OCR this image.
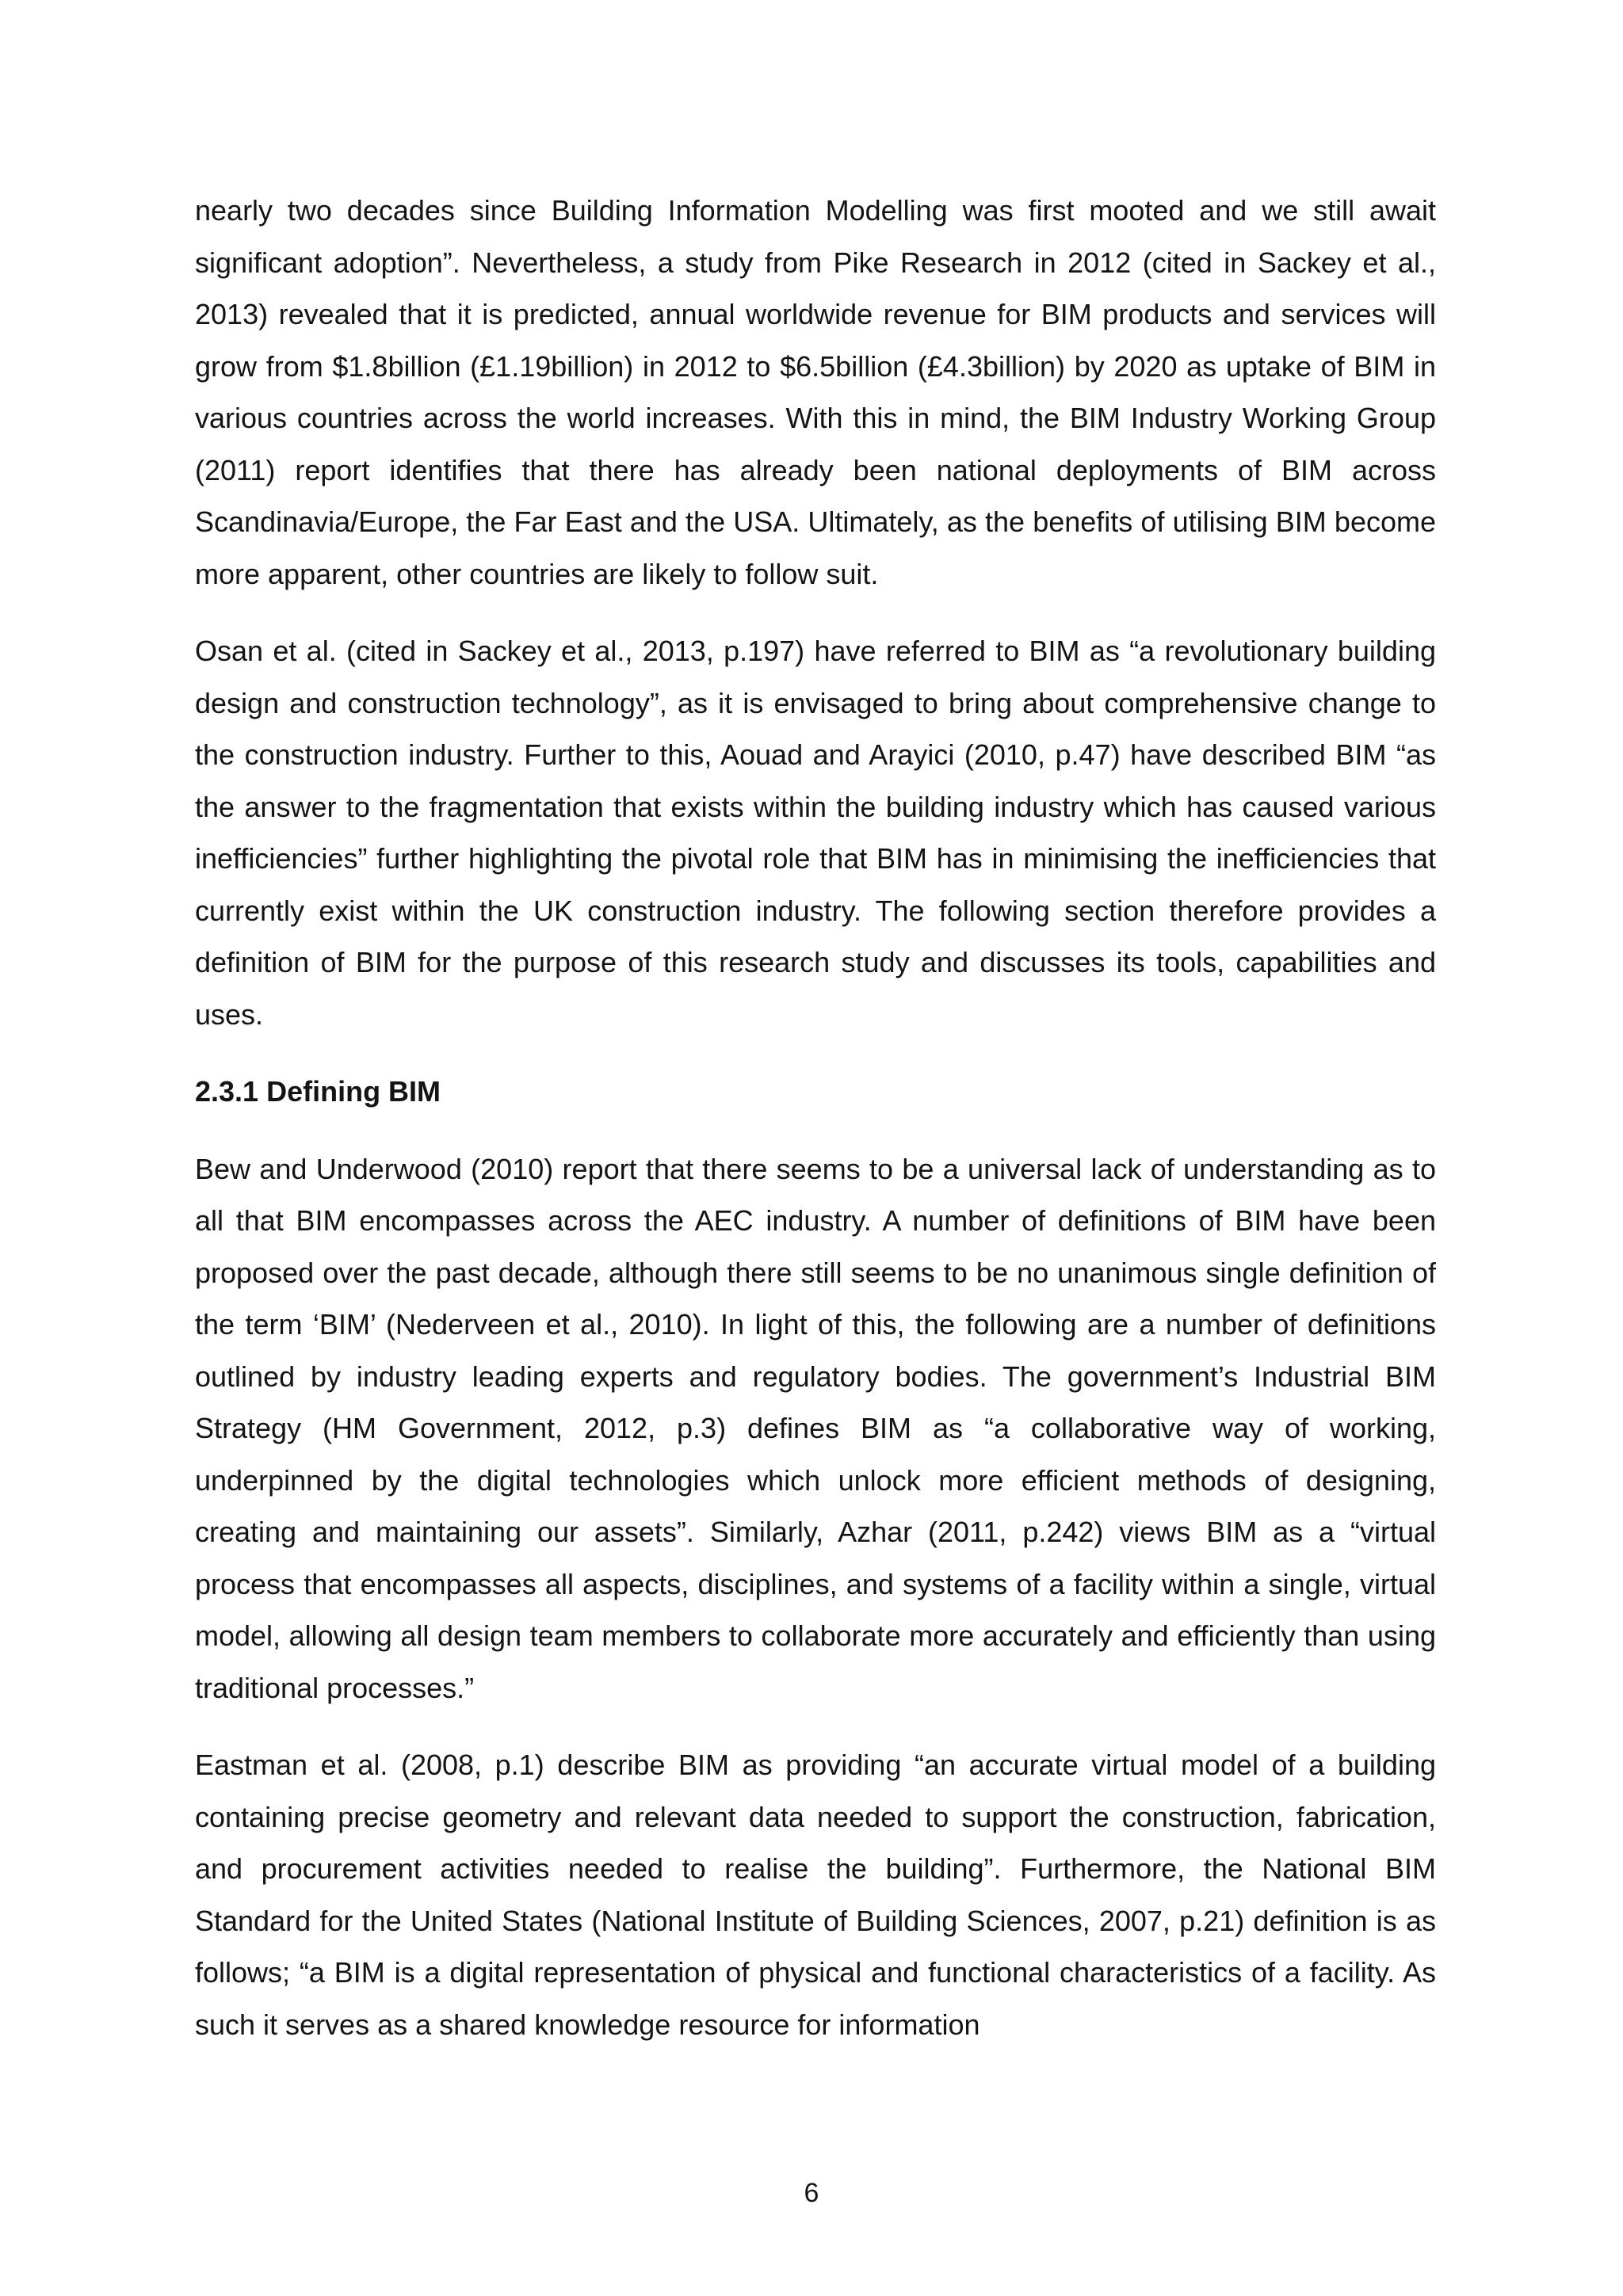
nearly two decades since Building Information Modelling was first mooted and we still await significant adoption”. Nevertheless, a study from Pike Research in 2012 (cited in Sackey et al., 2013) revealed that it is predicted, annual worldwide revenue for BIM products and services will grow from $1.8billion (£1.19billion) in 2012 to $6.5billion (£4.3billion) by 2020 as uptake of BIM in various countries across the world increases. With this in mind, the BIM Industry Working Group (2011) report identifies that there has already been national deployments of BIM across Scandinavia/Europe, the Far East and the USA. Ultimately, as the benefits of utilising BIM become more apparent, other countries are likely to follow suit.

Osan et al. (cited in Sackey et al., 2013, p.197) have referred to BIM as “a revolutionary building design and construction technology”, as it is envisaged to bring about comprehensive change to the construction industry. Further to this, Aouad and Arayici (2010, p.47) have described BIM “as the answer to the fragmentation that exists within the building industry which has caused various inefficiencies” further highlighting the pivotal role that BIM has in minimising the inefficiencies that currently exist within the UK construction industry. The following section therefore provides a definition of BIM for the purpose of this research study and discusses its tools, capabilities and uses.

2.3.1 Defining BIM

Bew and Underwood (2010) report that there seems to be a universal lack of understanding as to all that BIM encompasses across the AEC industry. A number of definitions of BIM have been proposed over the past decade, although there still seems to be no unanimous single definition of the term ‘BIM’ (Nederveen et al., 2010). In light of this, the following are a number of definitions outlined by industry leading experts and regulatory bodies. The government’s Industrial BIM Strategy (HM Government, 2012, p.3) defines BIM as “a collaborative way of working, underpinned by the digital technologies which unlock more efficient methods of designing, creating and maintaining our assets”. Similarly, Azhar (2011, p.242) views BIM as a “virtual process that encompasses all aspects, disciplines, and systems of a facility within a single, virtual model, allowing all design team members to collaborate more accurately and efficiently than using traditional processes.”

Eastman et al. (2008, p.1) describe BIM as providing “an accurate virtual model of a building containing precise geometry and relevant data needed to support the construction, fabrication, and procurement activities needed to realise the building”. Furthermore, the National BIM Standard for the United States (National Institute of Building Sciences, 2007, p.21) definition is as follows; “a BIM is a digital representation of physical and functional characteristics of a facility. As such it serves as a shared knowledge resource for information

6
